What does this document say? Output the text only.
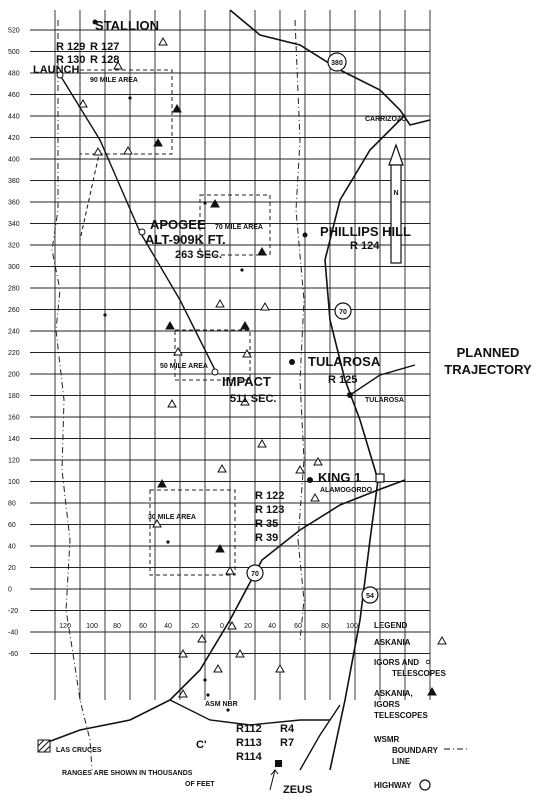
520
500
480
460
440
420
400
380
360
340
320
300
280
260
240
220
200
180
160
140
120
100
80
60
40
20
0
-20
-40
-60
120 100 80	60 40	20	0	20 40	60	80 100
380
70
70
54
N
STALLION
R 129 R 127
R 130 R 128
LAUNCH
90 MILE AREA
70 MILE AREA
50 MILE AREA
30 MILE AREA
APOGEE
ALT-909K FT.
263 SEC.
PHILLIPS HILL
R 124
IMPACT
511 SEC.
TULAROSA
R 125
TULAROSA
KING 1
ALAMOGORDO
R 122
R 123
R 35
R 39
CARRIZOZO
ASM NBR
C'
R112 R4
R113 R7
R114
ZEUS
LAS CRUCES
RANGES ARE SHOWN IN THOUSANDS
OF FEET
PLANNED
TRAJECTORY
LEGEND
ASKANIA
IGORS AND
TELESCOPES
ASKANIA,
IGORS
TELESCOPES
WSMR
BOUNDARY
LINE
HIGHWAY
